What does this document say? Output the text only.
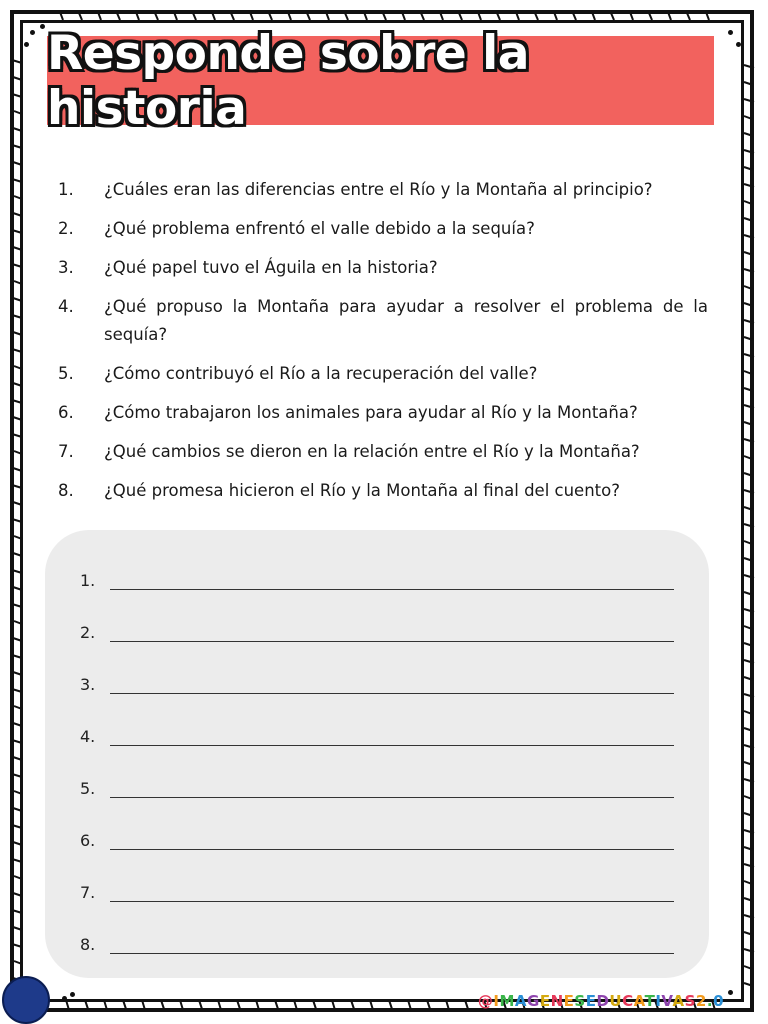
Responde sobre la historia
1.	¿Cuáles eran las diferencias entre el Río y la Montaña al principio?
2.	¿Qué problema enfrentó el valle debido a la sequía?
3.	¿Qué papel tuvo el Águila en la historia?
4.	¿Qué propuso la Montaña para ayudar a resolver el problema de la sequía?
5.	¿Cómo contribuyó el Río a la recuperación del valle?
6.	¿Cómo trabajaron los animales para ayudar al Río y la Montaña?
7.	¿Qué cambios se dieron en la relación entre el Río y la Montaña?
8.	¿Qué promesa hicieron el Río y la Montaña al final del cuento?
1.
2.
3.
4.
5.
6.
7.
8.
@IMAGENESEDUCATIVAS2.0
